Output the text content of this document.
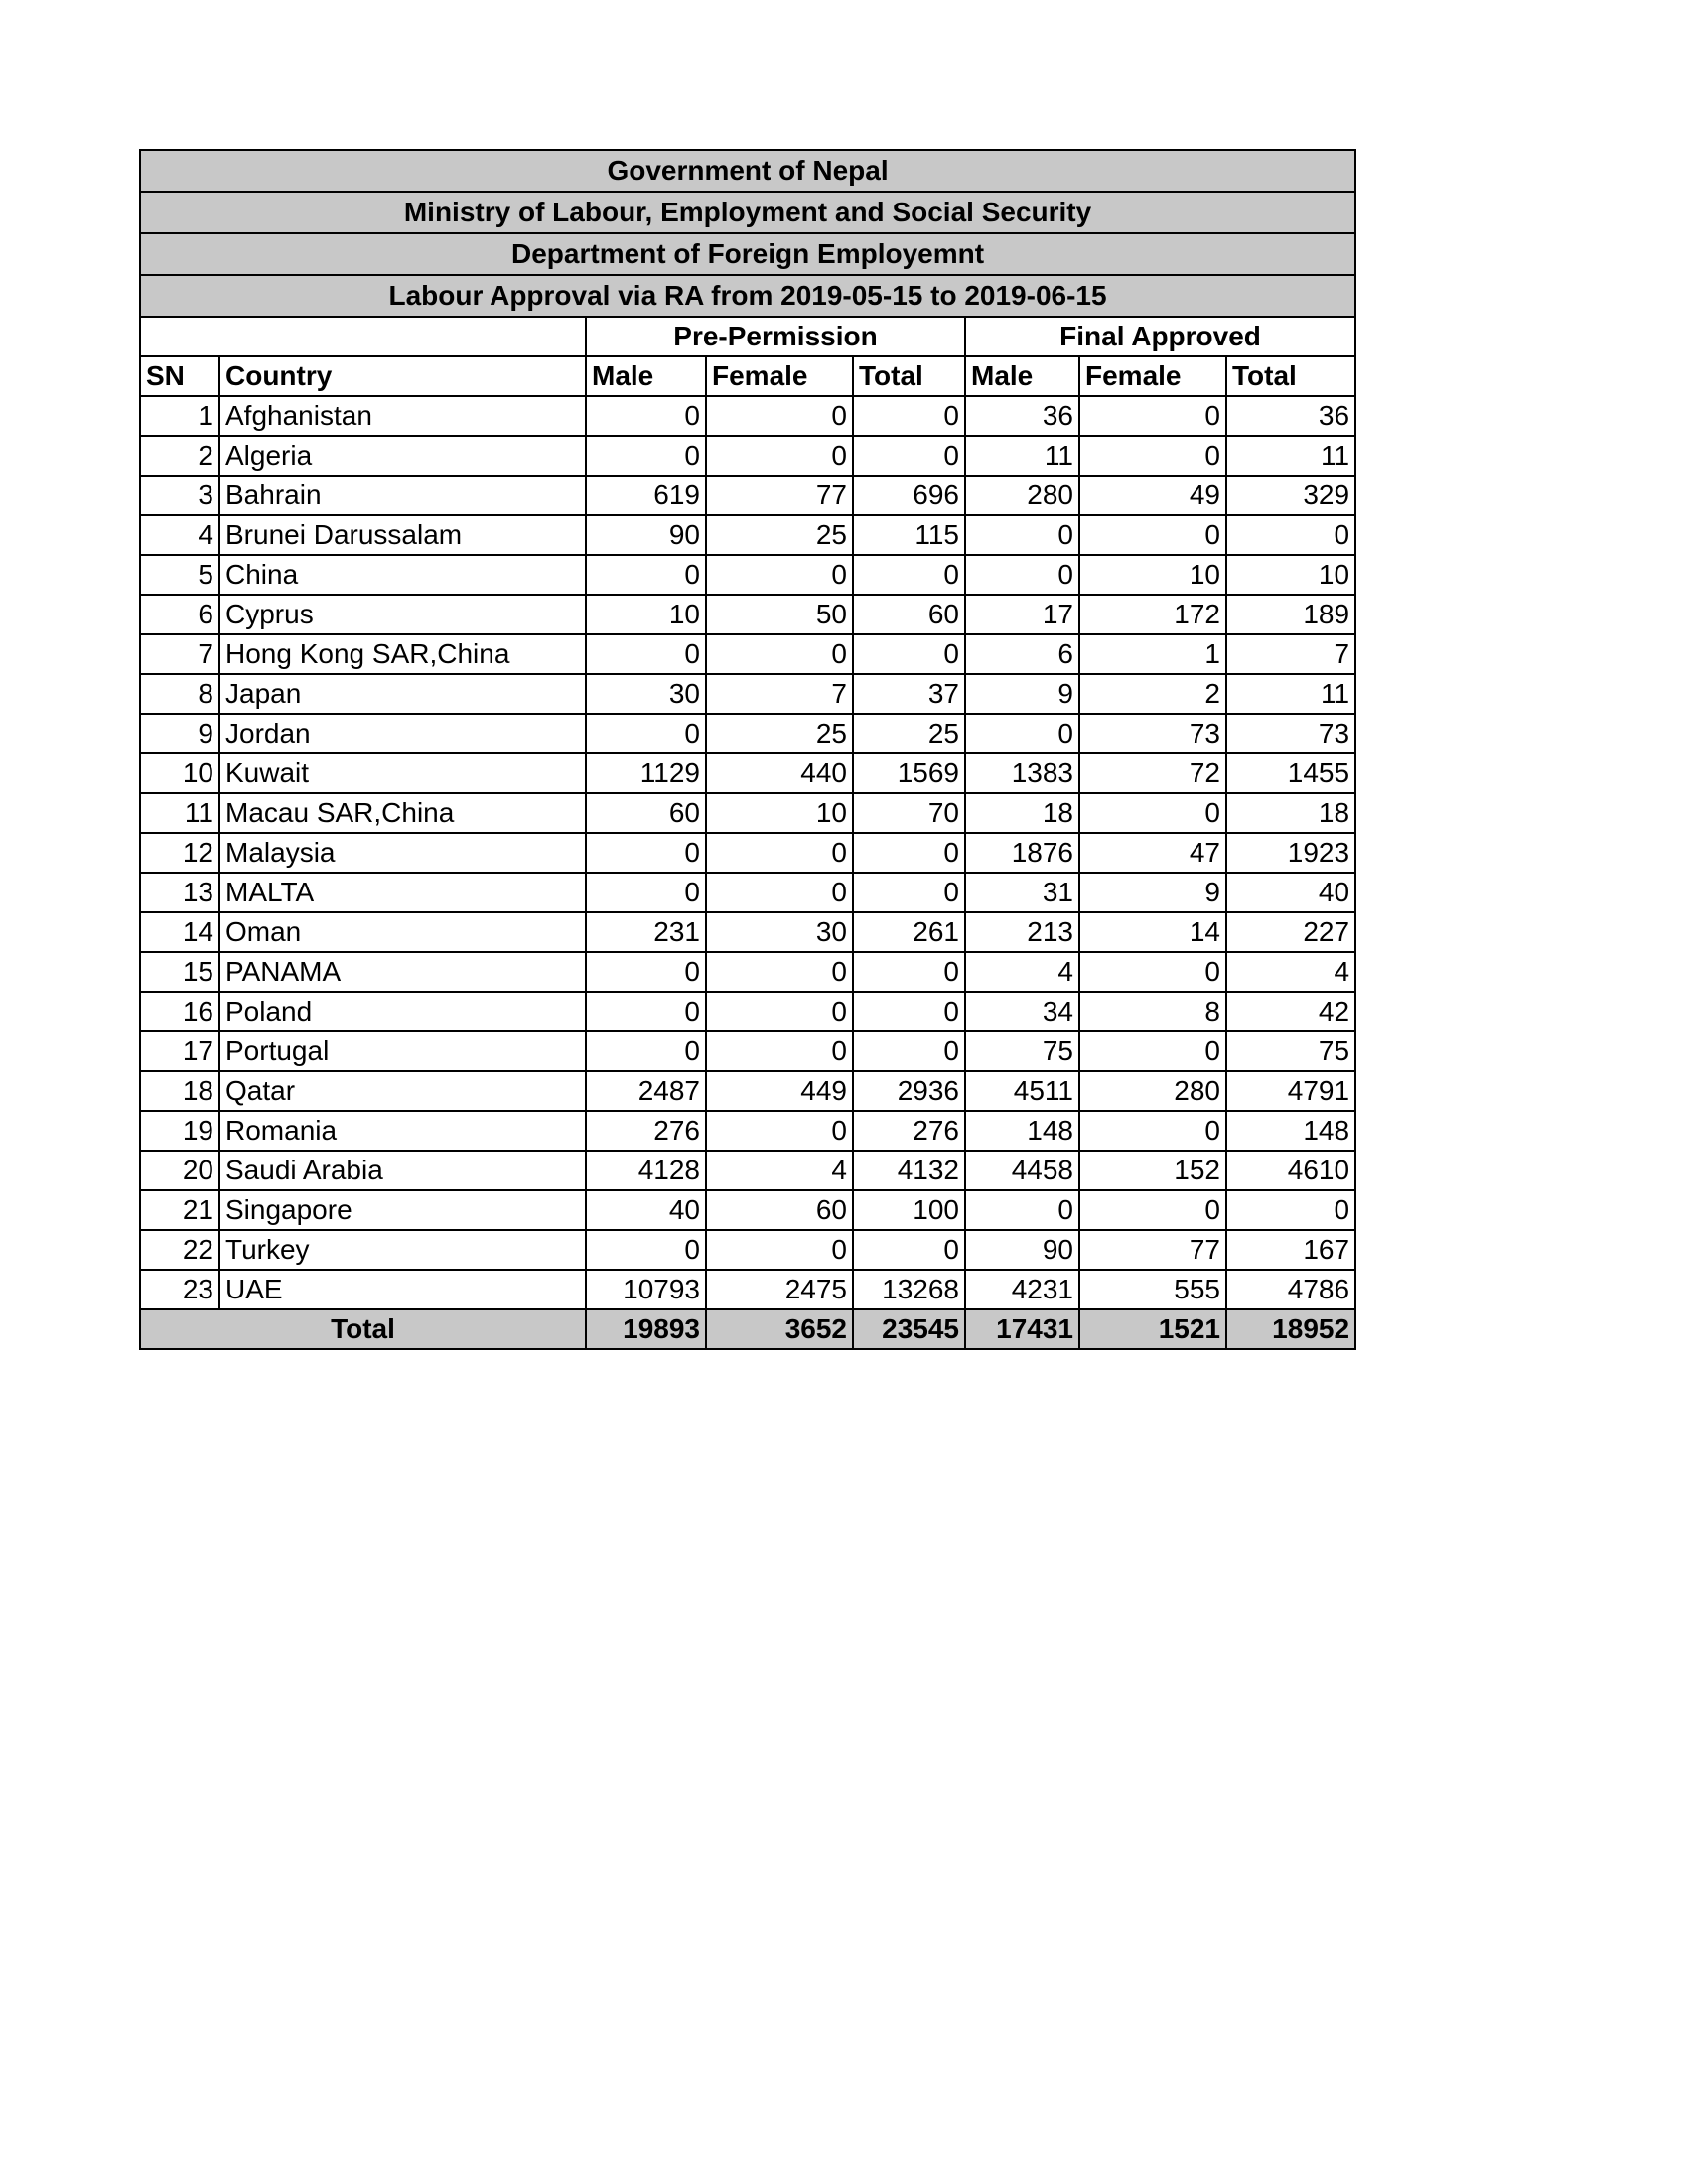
Government of Nepal							
Ministry of Labour, Employment and Social Security							
Department of Foreign Employemnt							
Labour Approval via RA from 2019-05-15 to 2019-06-15							
		Pre-Permission			Final Approved		
SN	Country	Male	Female	Total	Male	Female	Total
1	Afghanistan	0	0	0	36	0	36
2	Algeria	0	0	0	11	0	11
3	Bahrain	619	77	696	280	49	329
4	Brunei Darussalam	90	25	115	0	0	0
5	China	0	0	0	0	10	10
6	Cyprus	10	50	60	17	172	189
7	Hong Kong SAR,China	0	0	0	6	1	7
8	Japan	30	7	37	9	2	11
9	Jordan	0	25	25	0	73	73
10	Kuwait	1129	440	1569	1383	72	1455
11	Macau SAR,China	60	10	70	18	0	18
12	Malaysia	0	0	0	1876	47	1923
13	MALTA	0	0	0	31	9	40
14	Oman	231	30	261	213	14	227
15	PANAMA	0	0	0	4	0	4
16	Poland	0	0	0	34	8	42
17	Portugal	0	0	0	75	0	75
18	Qatar	2487	449	2936	4511	280	4791
19	Romania	276	0	276	148	0	148
20	Saudi Arabia	4128	4	4132	4458	152	4610
21	Singapore	40	60	100	0	0	0
22	Turkey	0	0	0	90	77	167
23	UAE	10793	2475	13268	4231	555	4786
Total		19893	3652	23545	17431	1521	18952
